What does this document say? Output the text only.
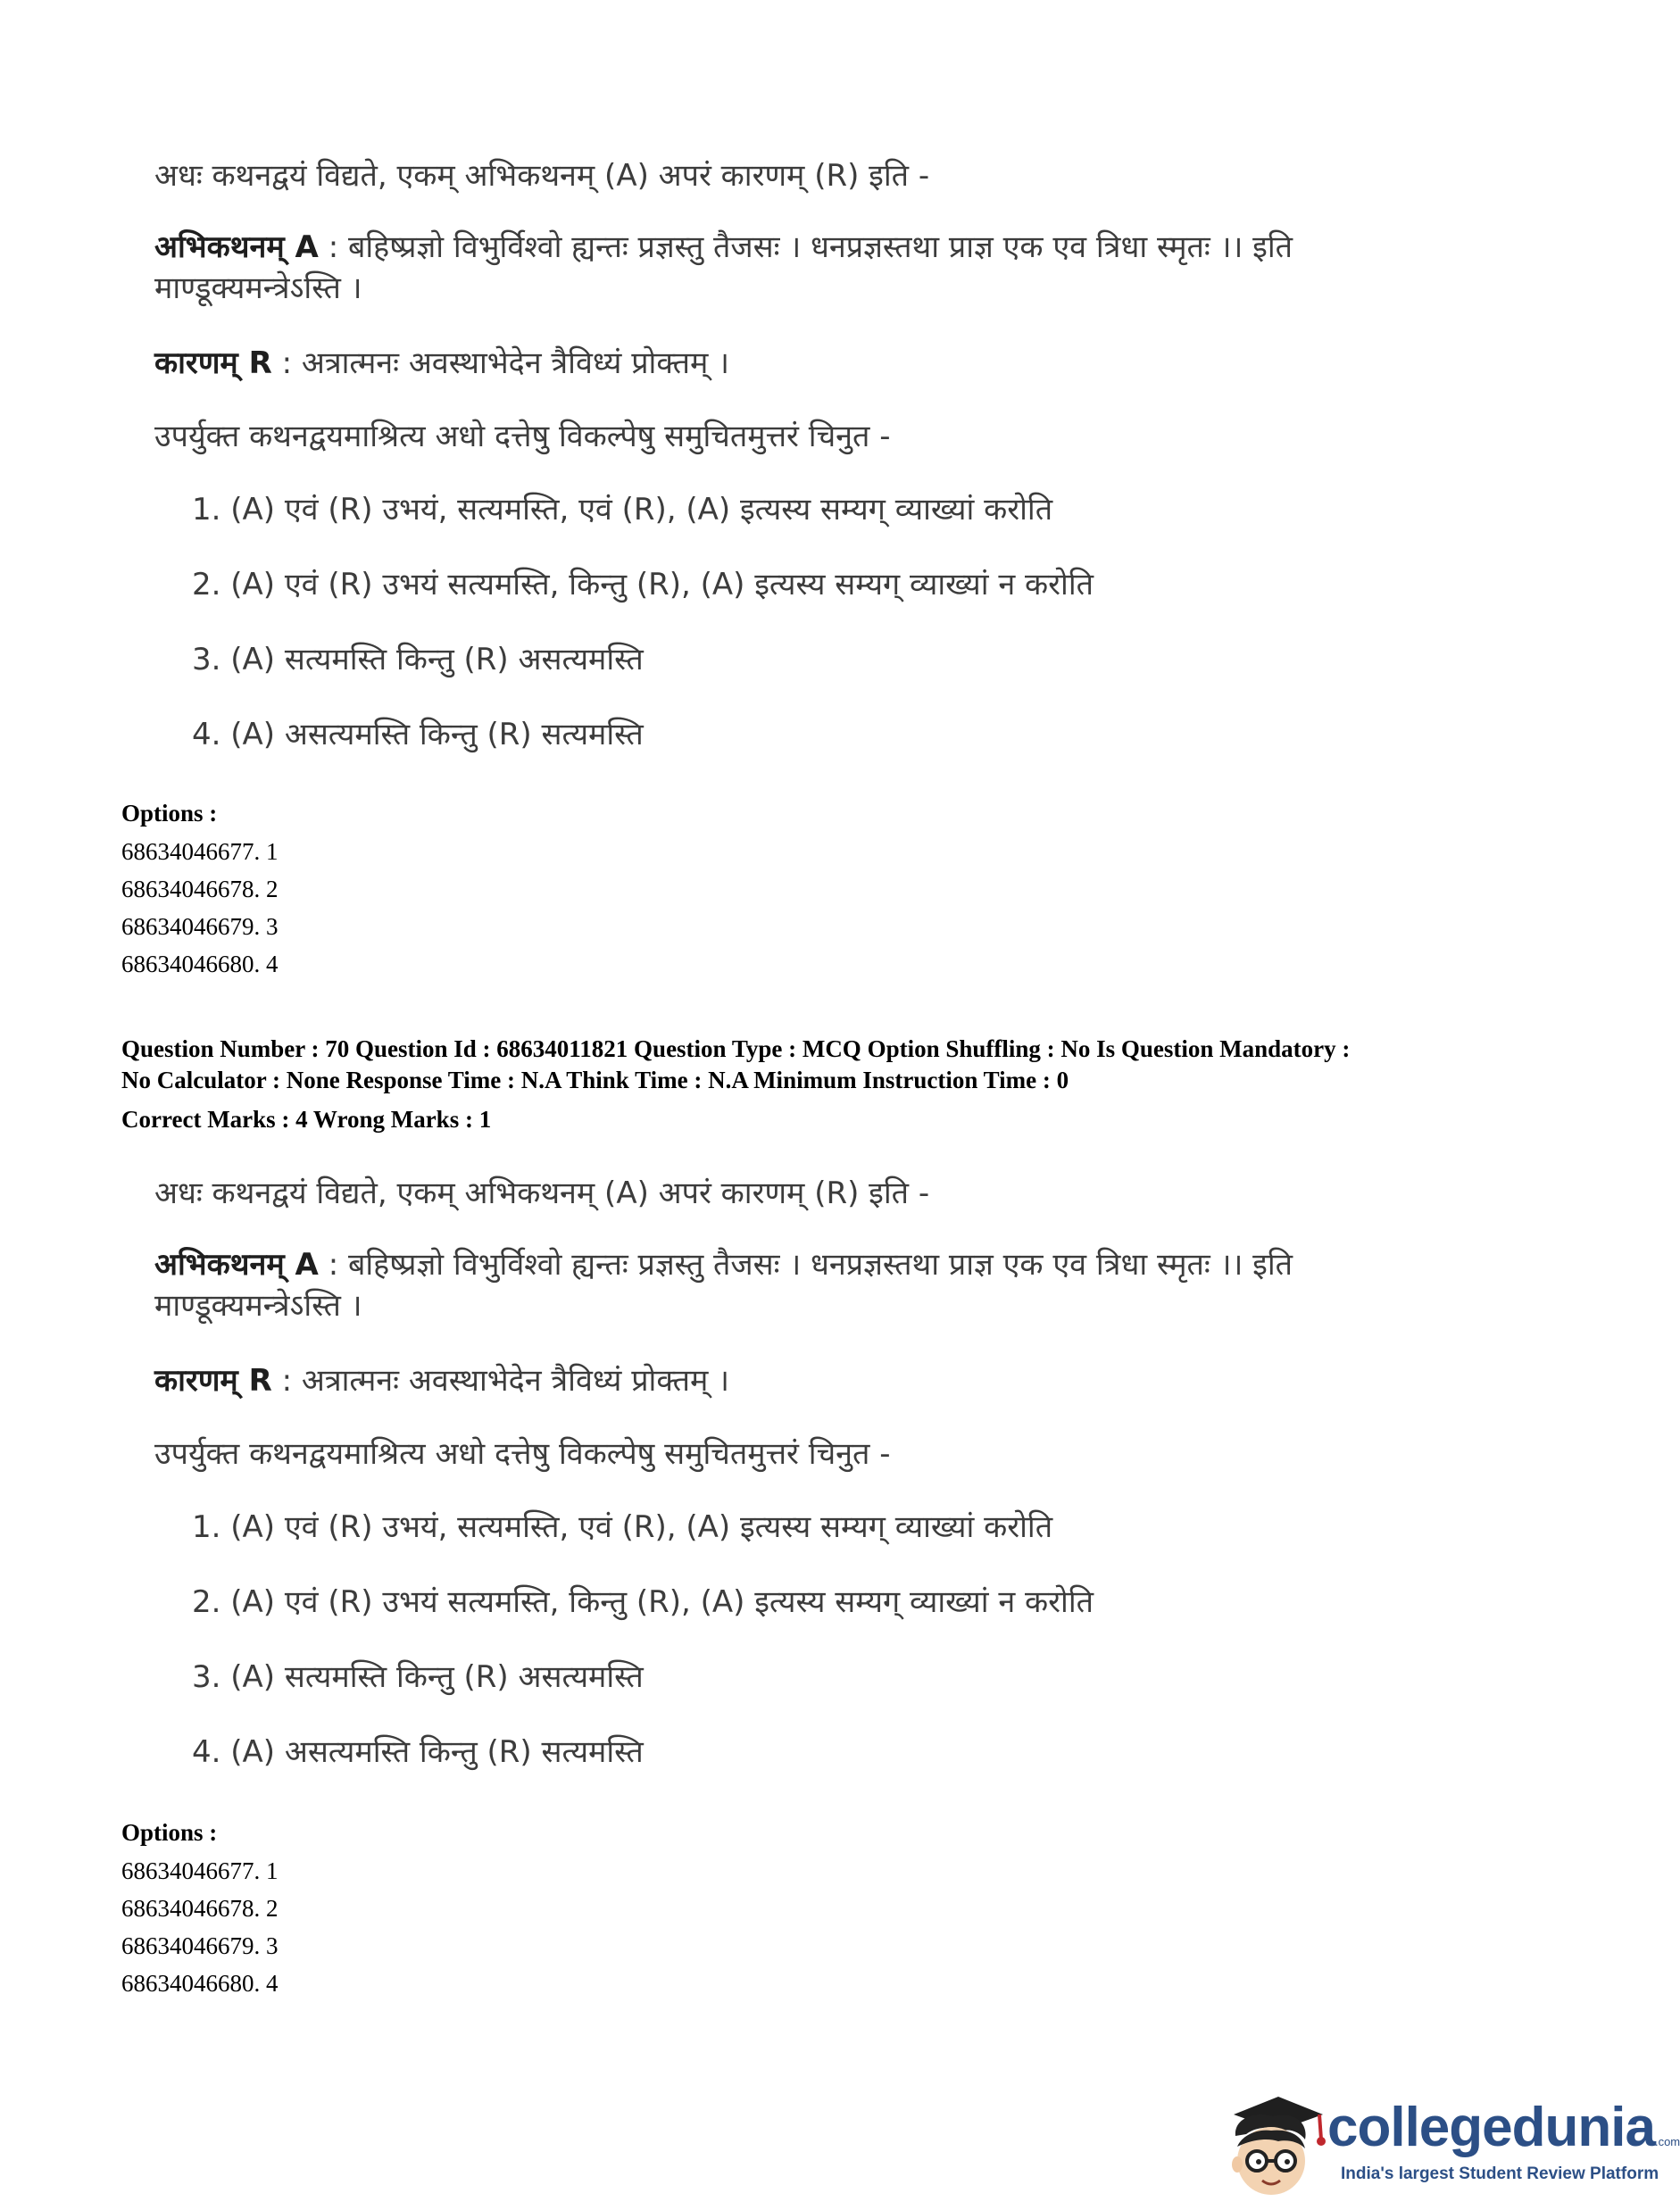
अधः कथनद्वयं विद्यते, एकम् अभिकथनम् (A) अपरं कारणम् (R) इति -
अभिकथनम् A : बहिष्प्रज्ञो विभुर्विश्वो ह्यन्तः प्रज्ञस्तु तैजसः । धनप्रज्ञस्तथा प्राज्ञ एक एव त्रिधा स्मृतः ।। इति माण्डूक्यमन्त्रेऽस्ति ।
कारणम् R : अत्रात्मनः अवस्थाभेदेन त्रैविध्यं प्रोक्तम् ।
उपर्युक्त कथनद्वयमाश्रित्य अधो दत्तेषु विकल्पेषु समुचितमुत्तरं चिनुत -
1. (A) एवं (R) उभयं, सत्यमस्ति, एवं (R), (A) इत्यस्य सम्यग् व्याख्यां करोति
2. (A) एवं (R) उभयं सत्यमस्ति, किन्तु (R), (A) इत्यस्य सम्यग् व्याख्यां न करोति
3. (A) सत्यमस्ति किन्तु (R) असत्यमस्ति
4. (A) असत्यमस्ति किन्तु (R) सत्यमस्ति
Options :
68634046677. 1
68634046678. 2
68634046679. 3
68634046680. 4
Question Number : 70 Question Id : 68634011821 Question Type : MCQ Option Shuffling : No Is Question Mandatory :
No Calculator : None Response Time : N.A Think Time : N.A Minimum Instruction Time : 0
Correct Marks : 4 Wrong Marks : 1
अधः कथनद्वयं विद्यते, एकम् अभिकथनम् (A) अपरं कारणम् (R) इति -
अभिकथनम् A : बहिष्प्रज्ञो विभुर्विश्वो ह्यन्तः प्रज्ञस्तु तैजसः । धनप्रज्ञस्तथा प्राज्ञ एक एव त्रिधा स्मृतः ।। इति माण्डूक्यमन्त्रेऽस्ति ।
कारणम् R : अत्रात्मनः अवस्थाभेदेन त्रैविध्यं प्रोक्तम् ।
उपर्युक्त कथनद्वयमाश्रित्य अधो दत्तेषु विकल्पेषु समुचितमुत्तरं चिनुत -
1. (A) एवं (R) उभयं, सत्यमस्ति, एवं (R), (A) इत्यस्य सम्यग् व्याख्यां करोति
2. (A) एवं (R) उभयं सत्यमस्ति, किन्तु (R), (A) इत्यस्य सम्यग् व्याख्यां न करोति
3. (A) सत्यमस्ति किन्तु (R) असत्यमस्ति
4. (A) असत्यमस्ति किन्तु (R) सत्यमस्ति
Options :
68634046677. 1
68634046678. 2
68634046679. 3
68634046680. 4
collegedunia.com
India's largest Student Review Platform
